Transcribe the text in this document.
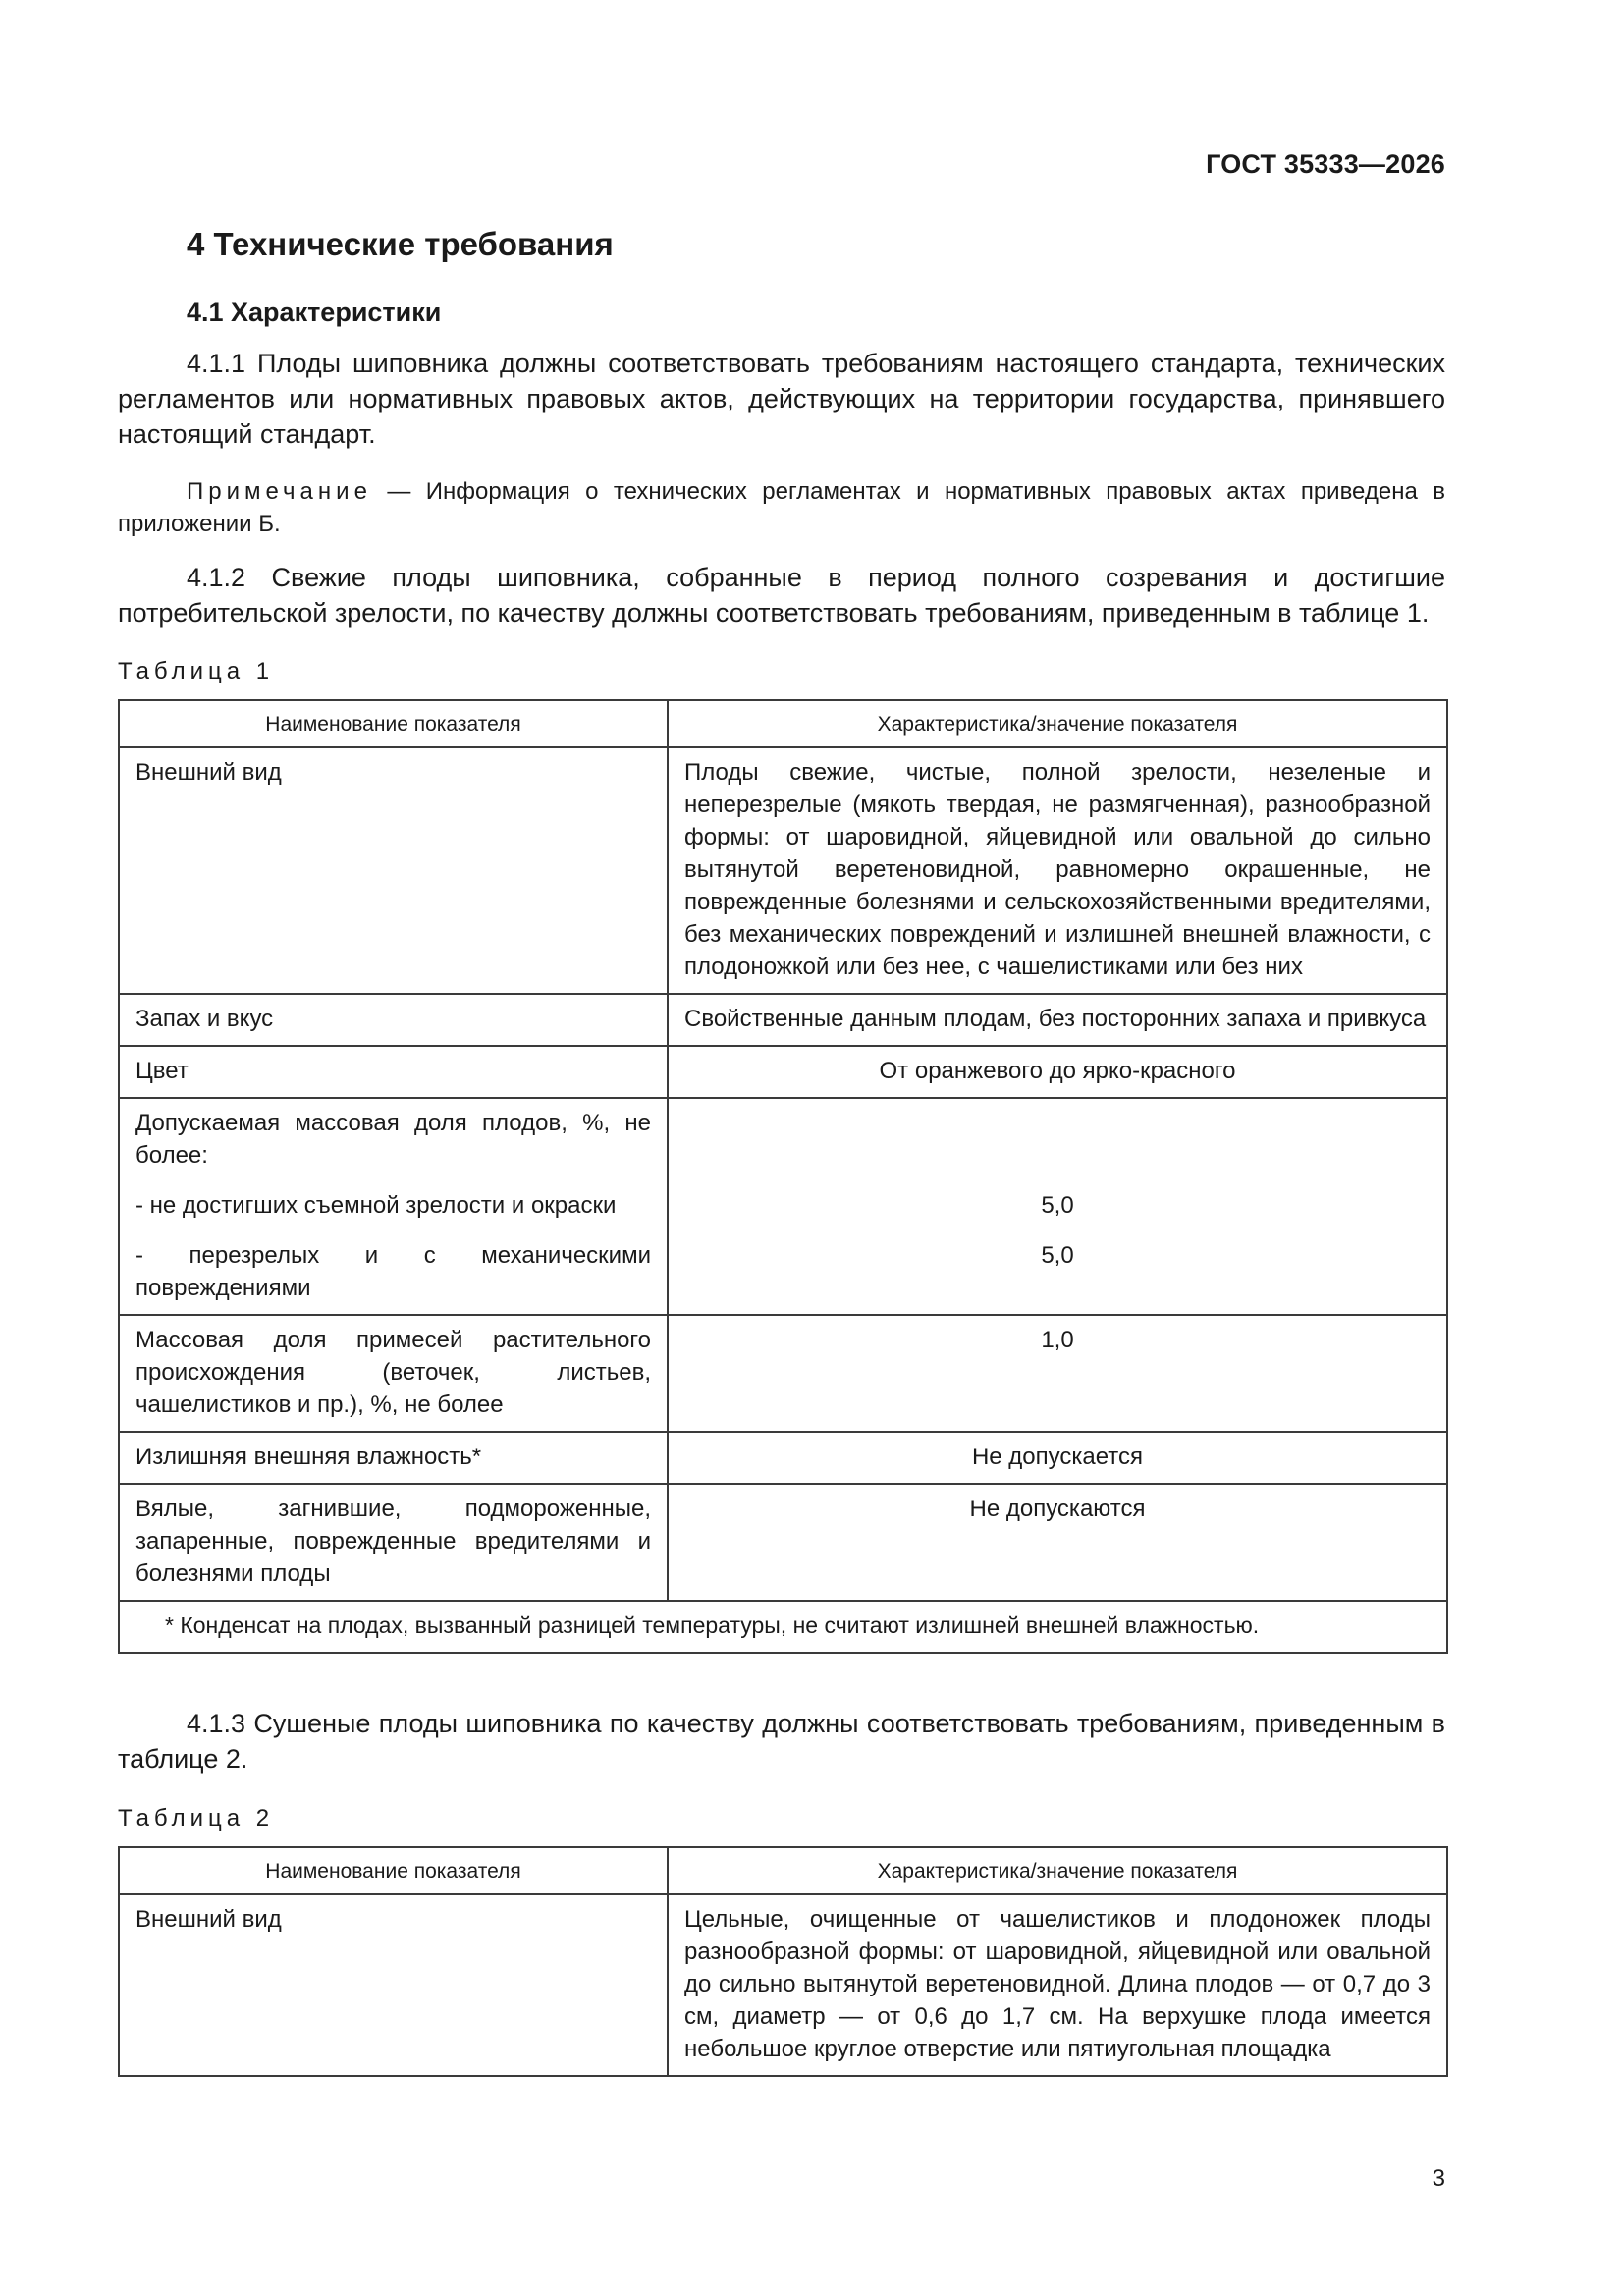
ГОСТ 35333—2026
4 Технические требования
4.1 Характеристики

4.1.1 Плоды шиповника должны соответствовать требованиям настоящего стандарта, технических регламентов или нормативных правовых актов, действующих на территории государства, принявшего настоящий стандарт.

Примечание — Информация о технических регламентах и нормативных правовых актах приведена в приложении Б.

4.1.2 Свежие плоды шиповника, собранные в период полного созревания и достигшие потребительской зрелости, по качеству должны соответствовать требованиям, приведенным в таблице 1.

Таблица 1
Наименование показателя	Характеристика/значение показателя
Внешний вид	Плоды свежие, чистые, полной зрелости, незеленые и неперезрелые (мякоть твердая, не размягченная), разнообразной формы: от шаровидной, яйцевидной или овальной до сильно вытянутой веретеновидной, равномерно окрашенные, не поврежденные болезнями и сельскохозяйственными вредителями, без механических повреждений и излишней внешней влажности, с плодоножкой или без нее, с чашелистиками или без них
Запах и вкус	Свойственные данным плодам, без посторонних запаха и привкуса
Цвет	От оранжевого до ярко-красного
Допускаемая массовая доля плодов, %, не более:	
- не достигших съемной зрелости и окраски	5,0
- перезрелых и с механическими повреждениями	5,0
Массовая доля примесей растительного происхождения (веточек, листьев, чашелистиков и пр.), %, не более	1,0
Излишняя внешняя влажность*	Не допускается
Вялые, загнившие, подмороженные, запаренные, поврежденные вредителями и болезнями плоды	Не допускаются
* Конденсат на плодах, вызванный разницей температуры, не считают излишней внешней влажностью.	

4.1.3 Сушеные плоды шиповника по качеству должны соответствовать требованиям, приведенным в таблице 2.

Таблица 2
Наименование показателя	Характеристика/значение показателя
Внешний вид	Цельные, очищенные от чашелистиков и плодоножек плоды разнообразной формы: от шаровидной, яйцевидной или овальной до сильно вытянутой веретеновидной. Длина плодов — от 0,7 до 3 см, диаметр — от 0,6 до 1,7 см. На верхушке плода имеется небольшое круглое отверстие или пятиугольная площадка
3
